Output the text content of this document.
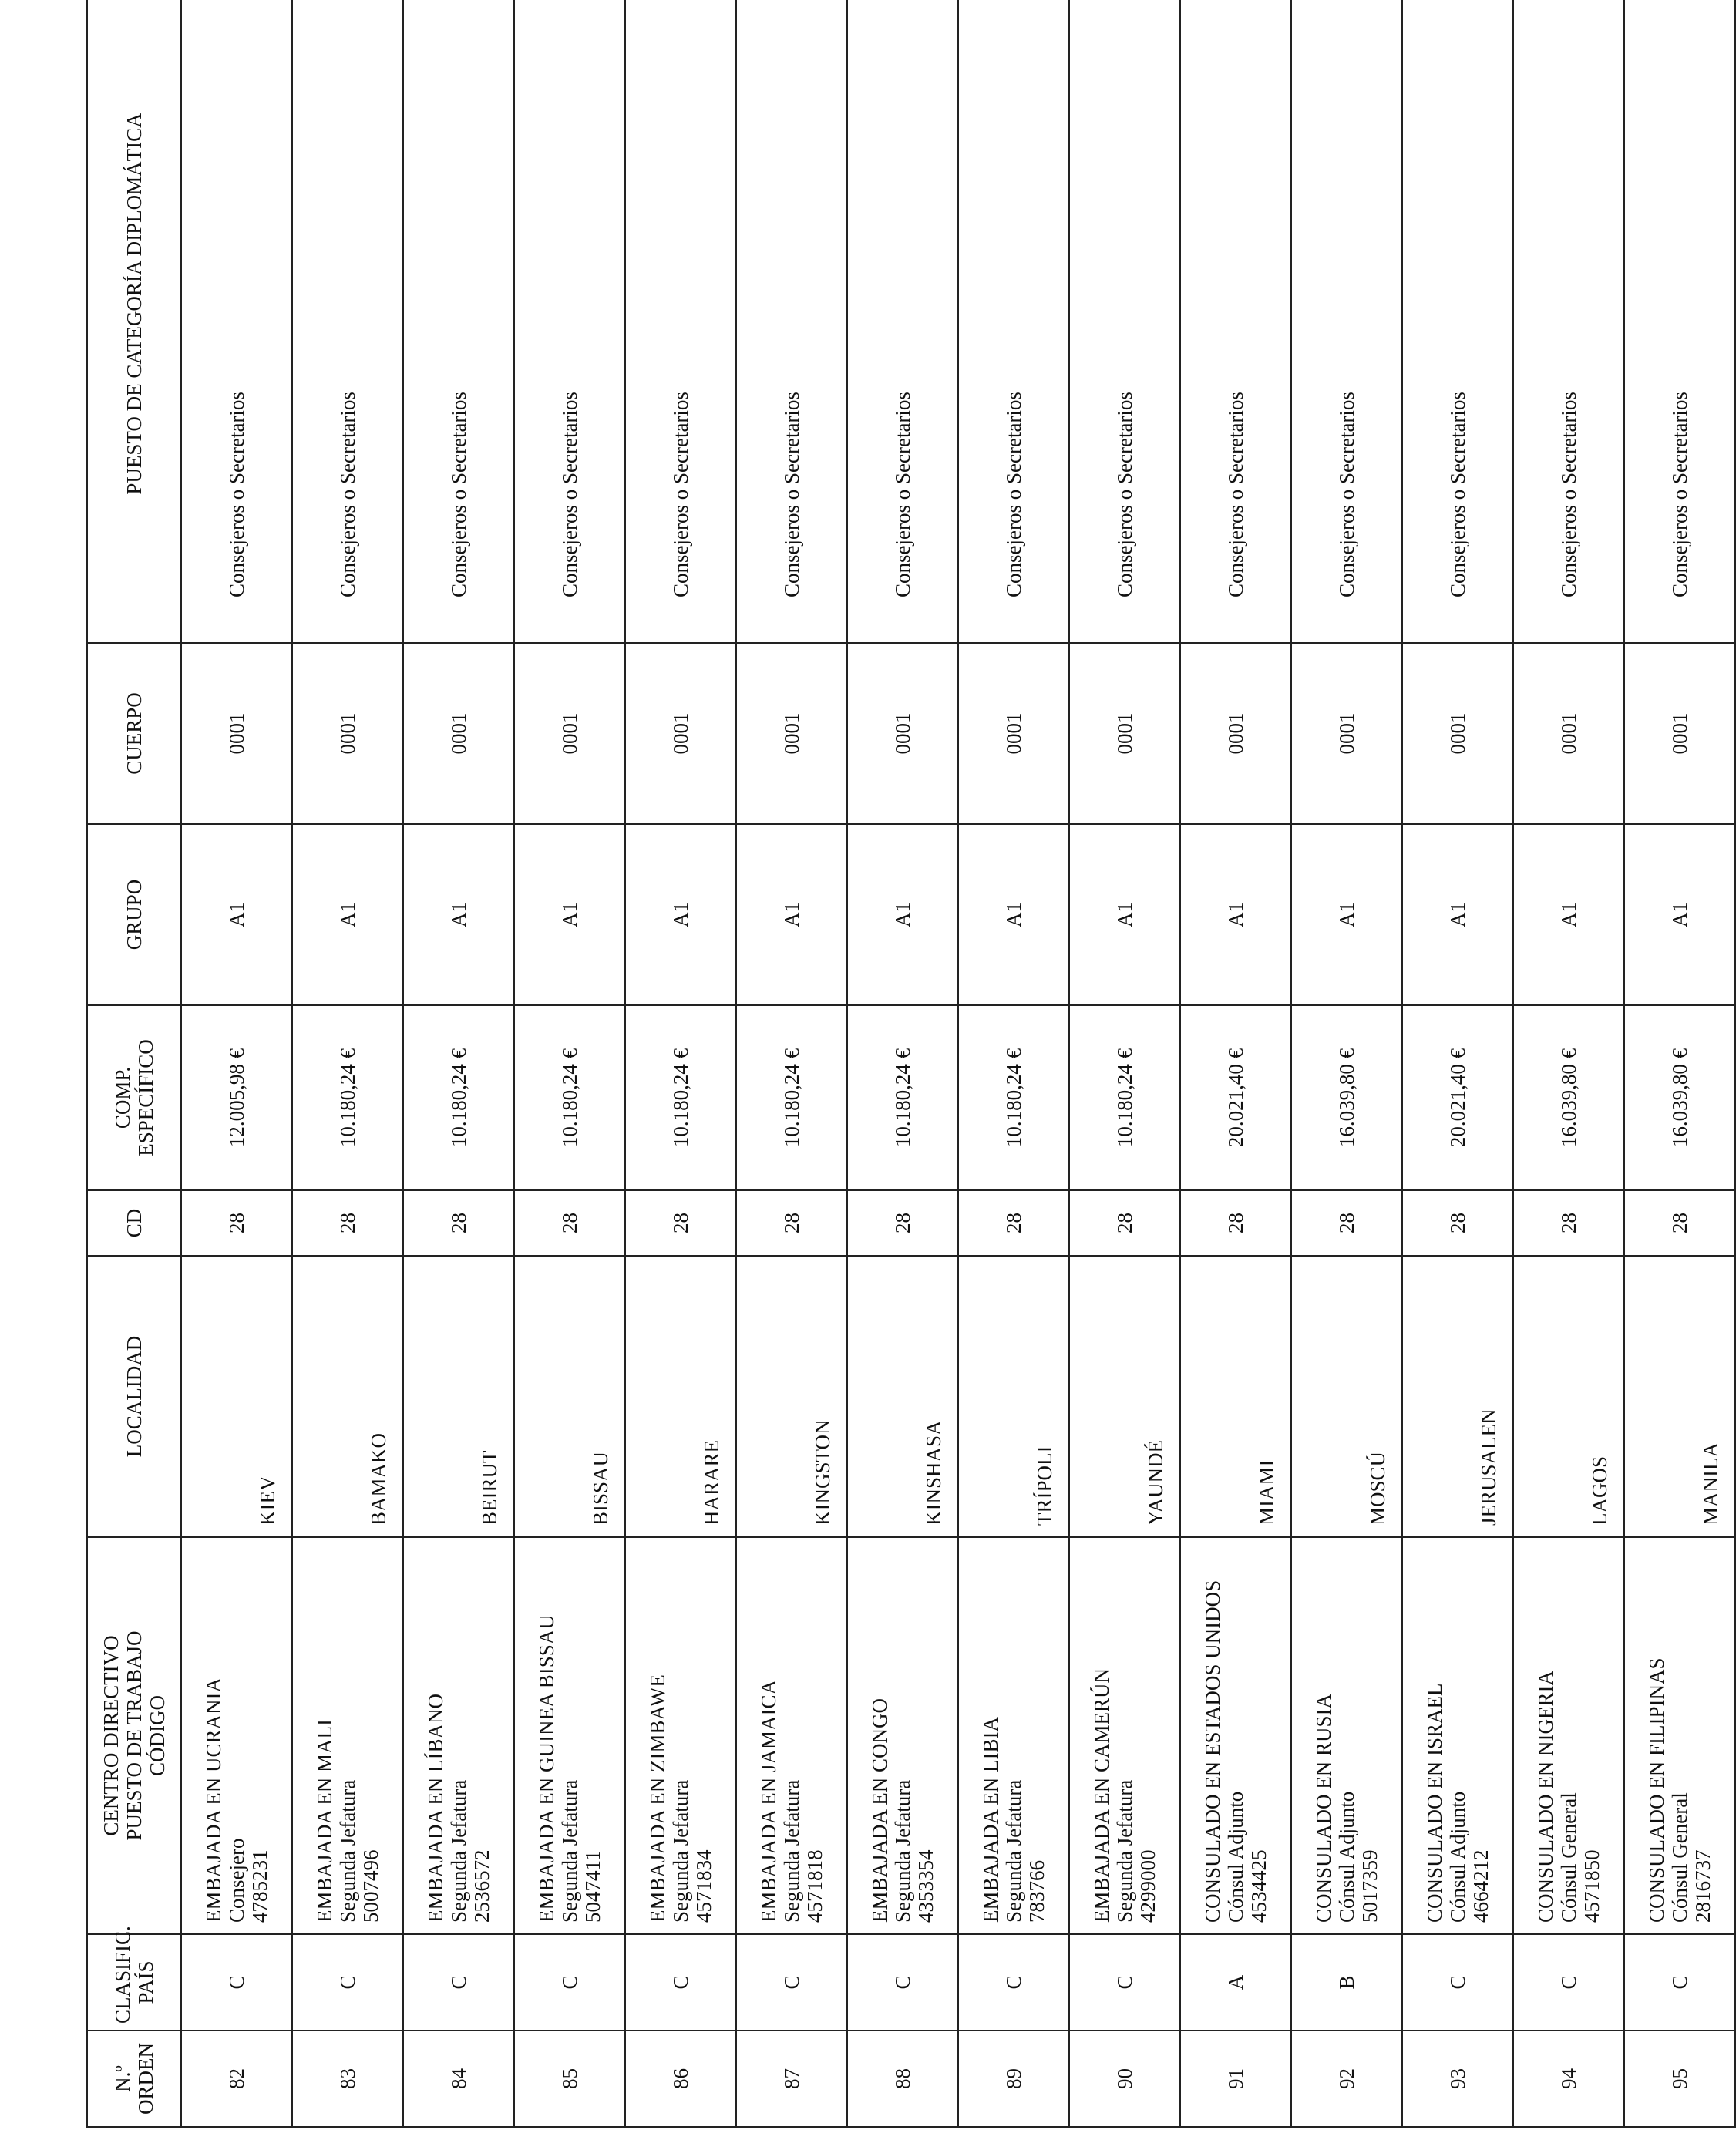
N.º ORDEN	CLASIFIC. PAÍS	CENTRO DIRECTIVO PUESTO DE TRABAJO CÓDIGO	LOCALIDAD	CD	COMP. ESPECÍFICO	GRUPO	CUERPO	PUESTO DE CATEGORÍA DIPLOMÁTICA
82	C	EMBAJADA EN UCRANIA Consejero 4785231	KIEV	28	12.005,98 €	A1	0001	Consejeros o Secretarios
83	C	EMBAJADA EN MALI Segunda Jefatura 5007496	BAMAKO	28	10.180,24 €	A1	0001	Consejeros o Secretarios
84	C	EMBAJADA EN LÍBANO Segunda Jefatura 2536572	BEIRUT	28	10.180,24 €	A1	0001	Consejeros o Secretarios
85	C	EMBAJADA EN GUINEA BISSAU Segunda Jefatura 5047411	BISSAU	28	10.180,24 €	A1	0001	Consejeros o Secretarios
86	C	EMBAJADA EN ZIMBAWE Segunda Jefatura 4571834	HARARE	28	10.180,24 €	A1	0001	Consejeros o Secretarios
87	C	EMBAJADA EN JAMAICA Segunda Jefatura 4571818	KINGSTON	28	10.180,24 €	A1	0001	Consejeros o Secretarios
88	C	EMBAJADA EN CONGO Segunda Jefatura 4353354	KINSHASA	28	10.180,24 €	A1	0001	Consejeros o Secretarios
89	C	EMBAJADA EN LIBIA Segunda Jefatura 783766	TRÍPOLI	28	10.180,24 €	A1	0001	Consejeros o Secretarios
90	C	EMBAJADA EN CAMERÚN Segunda Jefatura 4299000	YAUNDÉ	28	10.180,24 €	A1	0001	Consejeros o Secretarios
91	A	CONSULADO EN ESTADOS UNIDOS Cónsul Adjunto 4534425	MIAMI	28	20.021,40 €	A1	0001	Consejeros o Secretarios
92	B	CONSULADO EN RUSIA Cónsul Adjunto 5017359	MOSCÚ	28	16.039,80 €	A1	0001	Consejeros o Secretarios
93	C	CONSULADO EN ISRAEL Cónsul Adjunto 4664212	JERUSALEN	28	20.021,40 €	A1	0001	Consejeros o Secretarios
94	C	CONSULADO EN NIGERIA Cónsul General 4571850	LAGOS	28	16.039,80 €	A1	0001	Consejeros o Secretarios
95	C	CONSULADO EN FILIPINAS Cónsul General 2816737	MANILA	28	16.039,80 €	A1	0001	Consejeros o Secretarios
